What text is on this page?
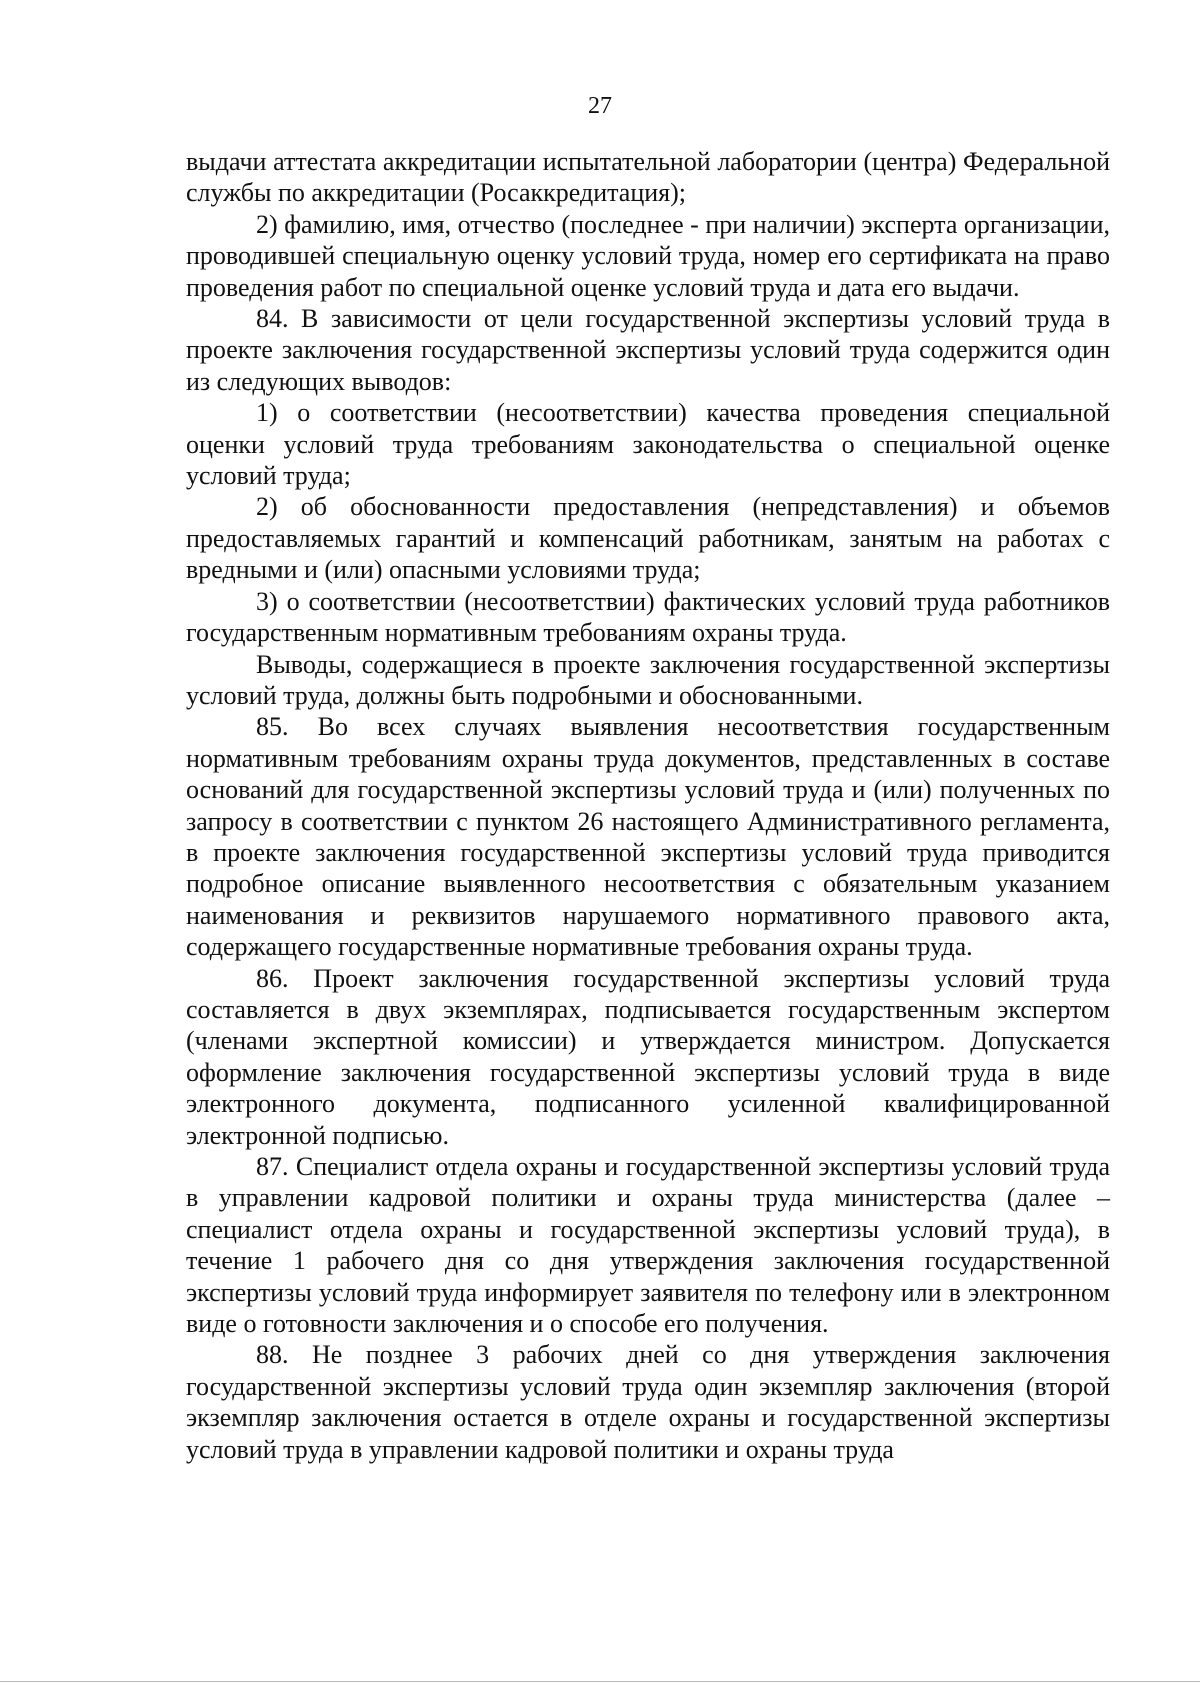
27

выдачи аттестата аккредитации испытательной лаборатории (центра) Федеральной службы по аккредитации (Росаккредитация);

2) фамилию, имя, отчество (последнее - при наличии) эксперта организации, проводившей специальную оценку условий труда, номер его сертификата на право проведения работ по специальной оценке условий труда и дата его выдачи.

84. В зависимости от цели государственной экспертизы условий труда в проекте заключения государственной экспертизы условий труда содержится один из следующих выводов:

1) о соответствии (несоответствии) качества проведения специальной оценки условий труда требованиям законодательства о специальной оценке условий труда;

2) об обоснованности предоставления (непредставления) и объемов предоставляемых гарантий и компенсаций работникам, занятым на работах с вредными и (или) опасными условиями труда;

3) о соответствии (несоответствии) фактических условий труда работников государственным нормативным требованиям охраны труда.

Выводы, содержащиеся в проекте заключения государственной экспертизы условий труда, должны быть подробными и обоснованными.

85. Во всех случаях выявления несоответствия государственным нормативным требованиям охраны труда документов, представленных в составе оснований для государственной экспертизы условий труда и (или) полученных по запросу в соответствии с пунктом 26 настоящего Административного регламента, в проекте заключения государственной экспертизы условий труда приводится подробное описание выявленного несоответствия с обязательным указанием наименования и реквизитов нарушаемого нормативного правового акта, содержащего государственные нормативные требования охраны труда.

86. Проект заключения государственной экспертизы условий труда составляется в двух экземплярах, подписывается государственным экспертом (членами экспертной комиссии) и утверждается министром. Допускается оформление заключения государственной экспертизы условий труда в виде электронного документа, подписанного усиленной квалифицированной электронной подписью.

87. Специалист отдела охраны и государственной экспертизы условий труда в управлении кадровой политики и охраны труда министерства (далее – специалист отдела охраны и государственной экспертизы условий труда), в течение 1 рабочего дня со дня утверждения заключения государственной экспертизы условий труда информирует заявителя по телефону или в электронном виде о готовности заключения и о способе его получения.

88. Не позднее 3 рабочих дней со дня утверждения заключения государственной экспертизы условий труда один экземпляр заключения (второй экземпляр заключения остается в отделе охраны и государственной экспертизы условий труда в управлении кадровой политики и охраны труда
